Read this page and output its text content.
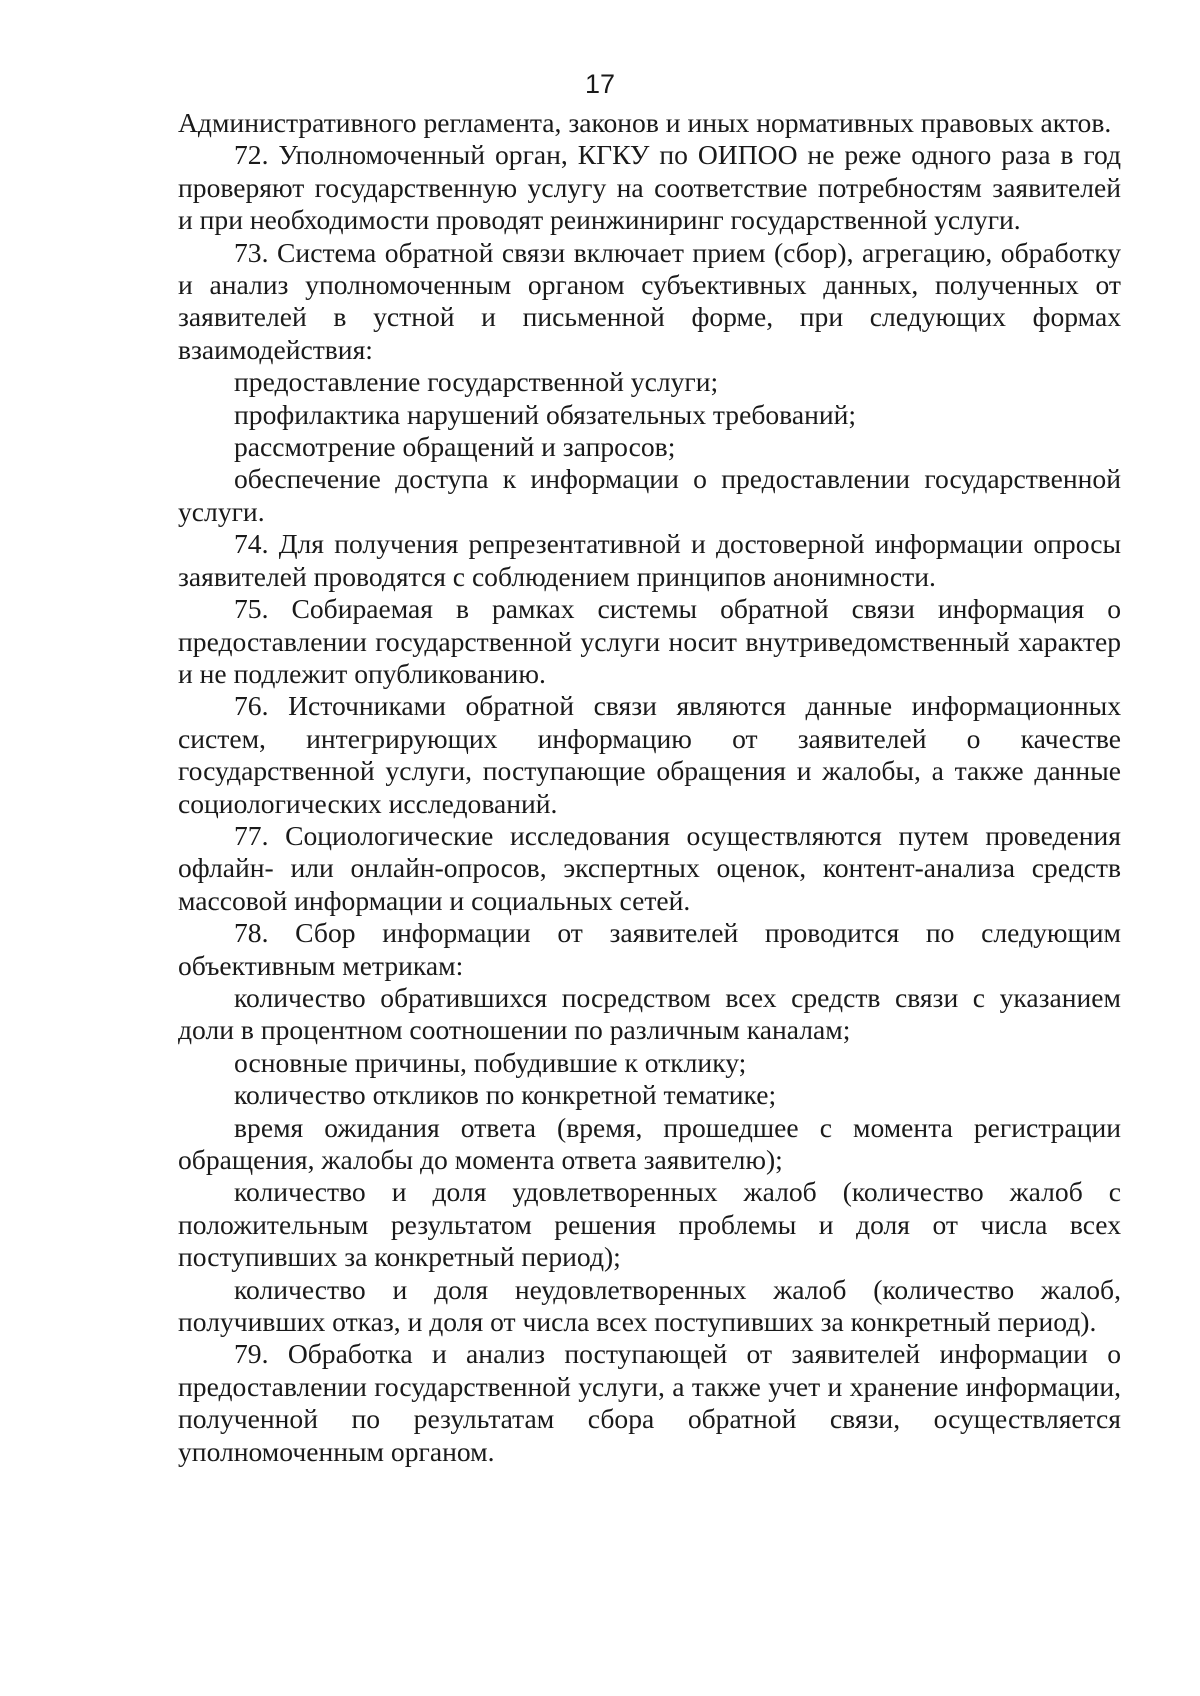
17

Административного регламента, законов и иных нормативных правовых актов.

72. Уполномоченный орган, КГКУ по ОИПОО не реже одного раза в год проверяют государственную услугу на соответствие потребностям заявителей и при необходимости проводят реинжиниринг государственной услуги.

73. Система обратной связи включает прием (сбор), агрегацию, обработку и анализ уполномоченным органом субъективных данных, полученных от заявителей в устной и письменной форме, при следующих формах взаимодействия:

предоставление государственной услуги;

профилактика нарушений обязательных требований;

рассмотрение обращений и запросов;

обеспечение доступа к информации о предоставлении государственной услуги.

74. Для получения репрезентативной и достоверной информации опросы заявителей проводятся с соблюдением принципов анонимности.

75. Собираемая в рамках системы обратной связи информация о предоставлении государственной услуги носит внутриведомственный характер и не подлежит опубликованию.

76. Источниками обратной связи являются данные информационных систем, интегрирующих информацию от заявителей о качестве государственной услуги, поступающие обращения и жалобы, а также данные социологических исследований.

77. Социологические исследования осуществляются путем проведения офлайн- или онлайн-опросов, экспертных оценок, контент-анализа средств массовой информации и социальных сетей.

78. Сбор информации от заявителей проводится по следующим объективным метрикам:

количество обратившихся посредством всех средств связи с указанием доли в процентном соотношении по различным каналам;

основные причины, побудившие к отклику;

количество откликов по конкретной тематике;

время ожидания ответа (время, прошедшее с момента регистрации обращения, жалобы до момента ответа заявителю);

количество и доля удовлетворенных жалоб (количество жалоб с положительным результатом решения проблемы и доля от числа всех поступивших за конкретный период);

количество и доля неудовлетворенных жалоб (количество жалоб, получивших отказ, и доля от числа всех поступивших за конкретный период).

79. Обработка и анализ поступающей от заявителей информации о предоставлении государственной услуги, а также учет и хранение информации, полученной по результатам сбора обратной связи, осуществляется уполномоченным органом.
